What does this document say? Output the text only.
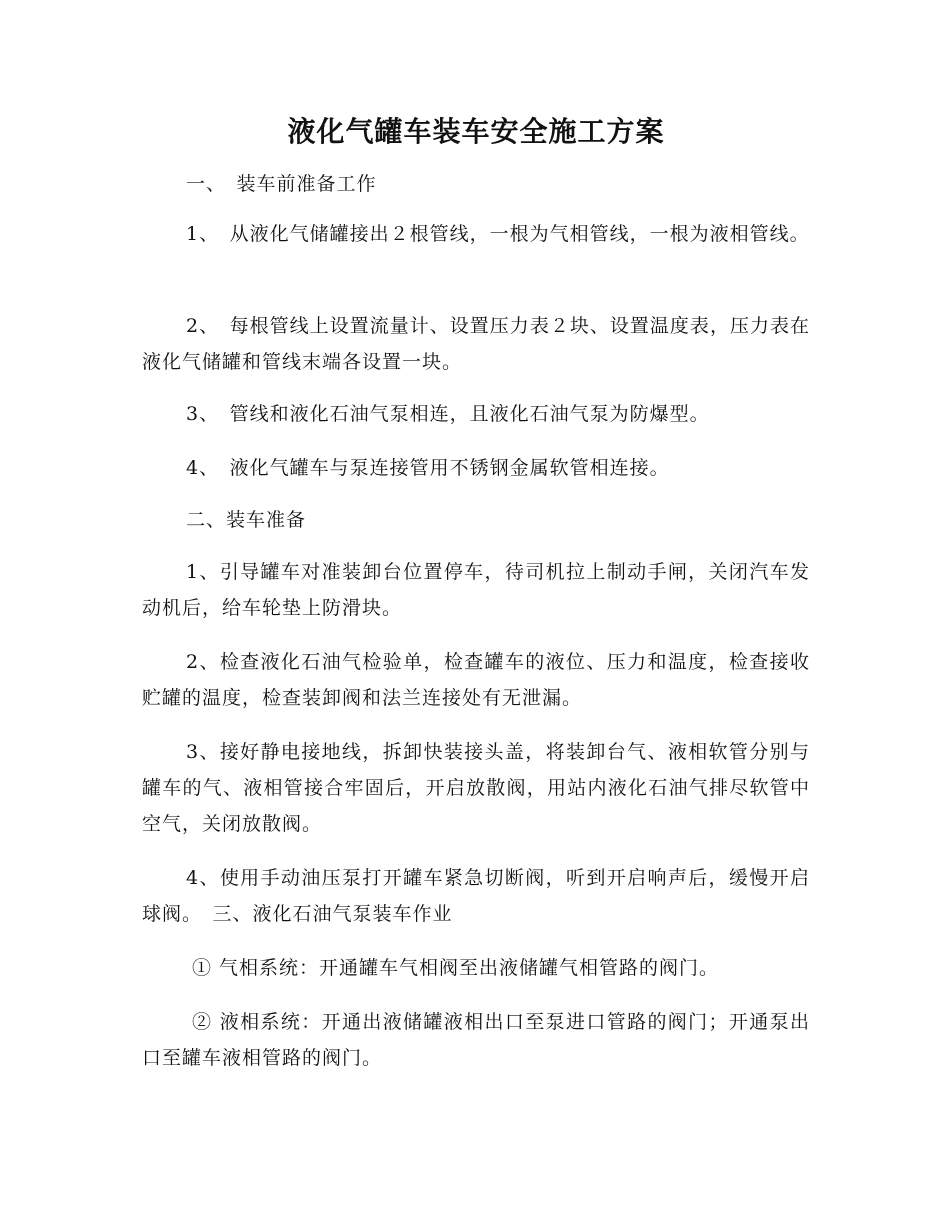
液化气罐车装车安全施工方案

一、　装车前准备工作

1、　从液化气储罐接出２根管线，一根为气相管线，一根为液相管线。

2、　每根管线上设置流量计、设置压力表２块、设置温度表，压力表在液化气储罐和管线末端各设置一块。

3、　管线和液化石油气泵相连，且液化石油气泵为防爆型。

4、　液化气罐车与泵连接管用不锈钢金属软管相连接。

二、装车准备

1、引导罐车对准装卸台位置停车，待司机拉上制动手闸，关闭汽车发动机后，给车轮垫上防滑块。

2、检查液化石油气检验单，检查罐车的液位、压力和温度，检查接收贮罐的温度，检查装卸阀和法兰连接处有无泄漏。

3、接好静电接地线，拆卸快装接头盖，将装卸台气、液相软管分别与罐车的气、液相管接合牢固后，开启放散阀，用站内液化石油气排尽软管中空气，关闭放散阀。

4、使用手动油压泵打开罐车紧急切断阀，听到开启响声后，缓慢开启球阀。　三、液化石油气泵装车作业

① 气相系统：开通罐车气相阀至出液储罐气相管路的阀门。

② 液相系统：开通出液储罐液相出口至泵进口管路的阀门；开通泵出口至罐车液相管路的阀门。
